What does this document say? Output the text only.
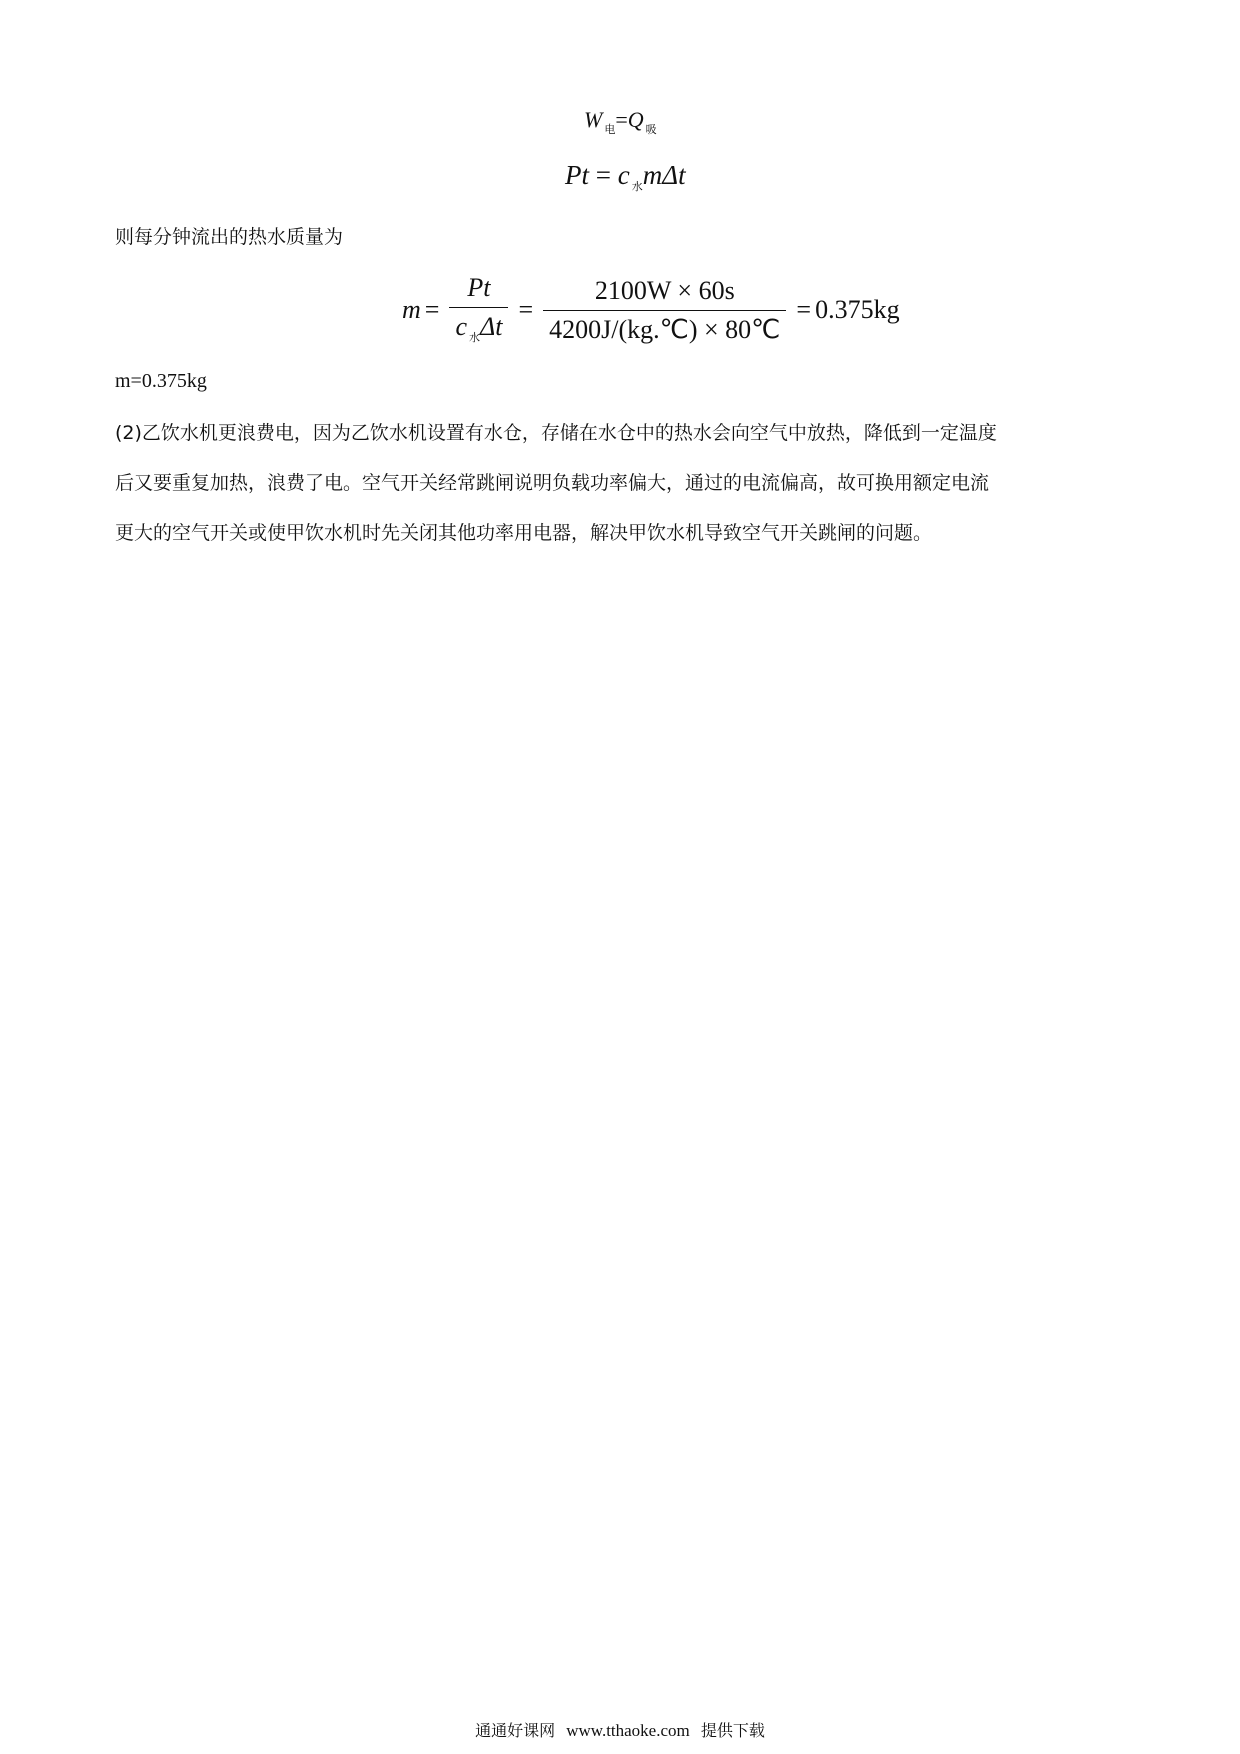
W $_电$=Q $_吸$
Pt = c $_水$mΔt
则每分钟流出的热水质量为
$m = \frac{Pt}{c _水\Delta t} = \frac{2100W \times 60s}{4200J/(kg.℃) \times 80℃} = 0.375kg$
m=0.375kg
(2)乙饮水机更浪费电，因为乙饮水机设置有水仓，存储在水仓中的热水会向空气中放热，降低到一定温度
后又要重复加热，浪费了电。空气开关经常跳闸说明负载功率偏大，通过的电流偏高，故可换用额定电流
更大的空气开关或使甲饮水机时先关闭其他功率用电器，解决甲饮水机导致空气开关跳闸的问题。
通通好课网 www.tthaoke.com 提供下载
